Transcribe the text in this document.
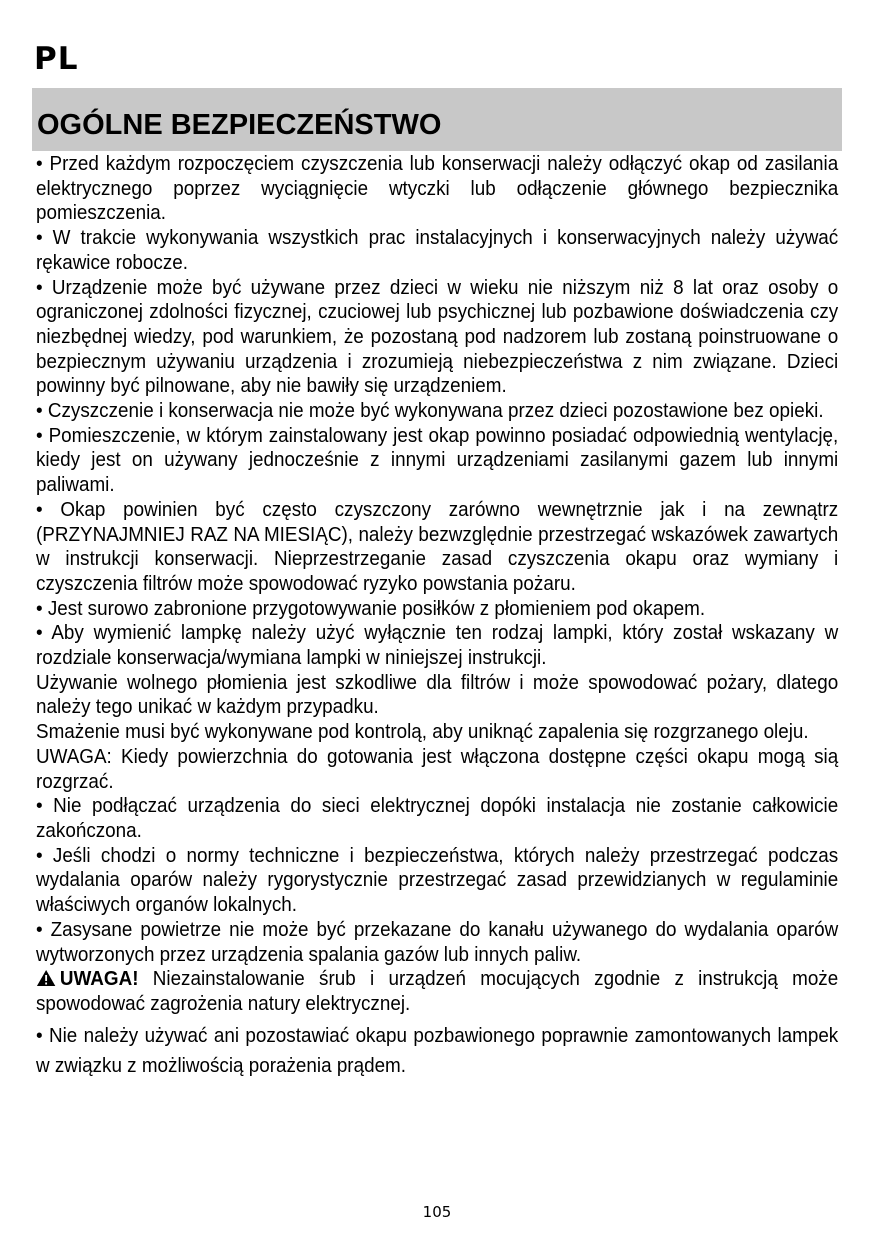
PL
OGÓLNE BEZPIECZEŃSTWO

• Przed każdym rozpoczęciem czyszczenia lub konserwacji należy odłączyć okap od zasilania elektrycznego poprzez wyciągnięcie wtyczki lub odłączenie głównego bezpiecznika pomieszczenia.

• W trakcie wykonywania wszystkich prac instalacyjnych i konserwacyjnych należy używać rękawice robocze.

• Urządzenie może być używane przez dzieci w wieku nie niższym niż 8 lat oraz osoby o ograniczonej zdolności fizycznej, czuciowej lub psychicznej lub pozbawione doświadczenia czy niezbędnej wiedzy, pod warunkiem, że pozostaną pod nadzorem lub zostaną poinstruowane o bezpiecznym używaniu urządzenia i zrozumieją niebezpieczeństwa z nim związane. Dzieci powinny być pilnowane, aby nie bawiły się urządzeniem.

• Czyszczenie i konserwacja nie może być wykonywana przez dzieci pozostawione bez opieki.

• Pomieszczenie, w którym zainstalowany jest okap powinno posiadać odpowiednią wentylację, kiedy jest on używany jednocześnie z innymi urządzeniami zasilanymi gazem lub innymi paliwami.

• Okap powinien być często czyszczony zarówno wewnętrznie jak i na zewnątrz (PRZYNAJMNIEJ RAZ NA MIESIĄC), należy bezwzględnie przestrzegać wskazówek zawartych w instrukcji konserwacji. Nieprzestrzeganie zasad czyszczenia okapu oraz wymiany i czyszczenia filtrów może spowodować ryzyko powstania pożaru.

• Jest surowo zabronione przygotowywanie posiłków z płomieniem pod okapem.

• Aby wymienić lampkę należy użyć wyłącznie ten rodzaj lampki, który został wskazany w rozdziale konserwacja/wymiana lampki w niniejszej instrukcji.

Używanie wolnego płomienia jest szkodliwe dla filtrów i może spowodować pożary, dlatego należy tego unikać w każdym przypadku.

Smażenie musi być wykonywane pod kontrolą, aby uniknąć zapalenia się rozgrzanego oleju.

UWAGA: Kiedy powierzchnia do gotowania jest włączona dostępne części okapu mogą sią rozgrzać.

• Nie podłączać urządzenia do sieci elektrycznej dopóki instalacja nie zostanie całkowicie zakończona.

• Jeśli chodzi o normy techniczne i bezpieczeństwa, których należy przestrzegać podczas wydalania oparów należy rygorystycznie przestrzegać zasad przewidzianych w regulaminie właściwych organów lokalnych.

• Zasysane powietrze nie może być przekazane do kanału używanego do wydalania oparów wytworzonych przez urządzenia spalania gazów lub innych paliw.

UWAGA! Niezainstalowanie śrub i urządzeń mocujących zgodnie z instrukcją może spowodować zagrożenia natury elektrycznej.

• Nie należy używać ani pozostawiać okapu pozbawionego poprawnie zamontowanych lampek w związku z możliwością porażenia prądem.

105
